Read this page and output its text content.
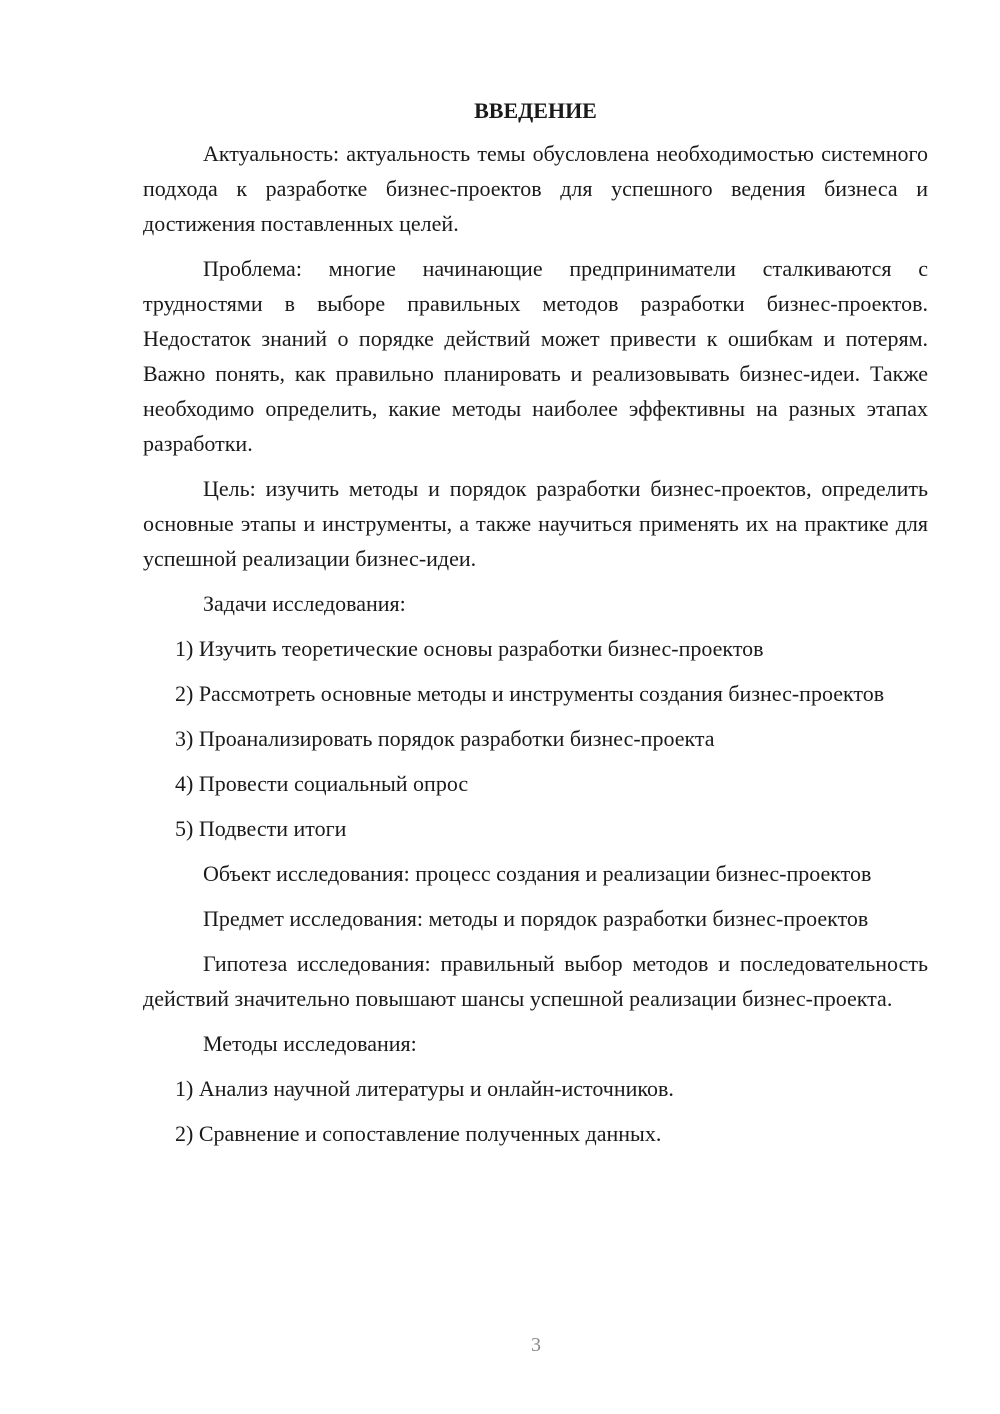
ВВЕДЕНИЕ

Актуальность: актуальность темы обусловлена необходимостью системного подхода к разработке бизнес-проектов для успешного ведения бизнеса и достижения поставленных целей.

Проблема: многие начинающие предприниматели сталкиваются с трудностями в выборе правильных методов разработки бизнес-проектов. Недостаток знаний о порядке действий может привести к ошибкам и потерям. Важно понять, как правильно планировать и реализовывать бизнес-идеи. Также необходимо определить, какие методы наиболее эффективны на разных этапах разработки.

Цель: изучить методы и порядок разработки бизнес-проектов, определить основные этапы и инструменты, а также научиться применять их на практике для успешной реализации бизнес-идеи.

Задачи исследования:

1) Изучить теоретические основы разработки бизнес-проектов

2) Рассмотреть основные методы и инструменты создания бизнес-проектов

3) Проанализировать порядок разработки бизнес-проекта

4) Провести социальный опрос

5) Подвести итоги

Объект исследования: процесс создания и реализации бизнес-проектов

Предмет исследования: методы и порядок разработки бизнес-проектов

Гипотеза исследования: правильный выбор методов и последовательность действий значительно повышают шансы успешной реализации бизнес-проекта.

Методы исследования:

1) Анализ научной литературы и онлайн-источников.

2) Сравнение и сопоставление полученных данных.

3
